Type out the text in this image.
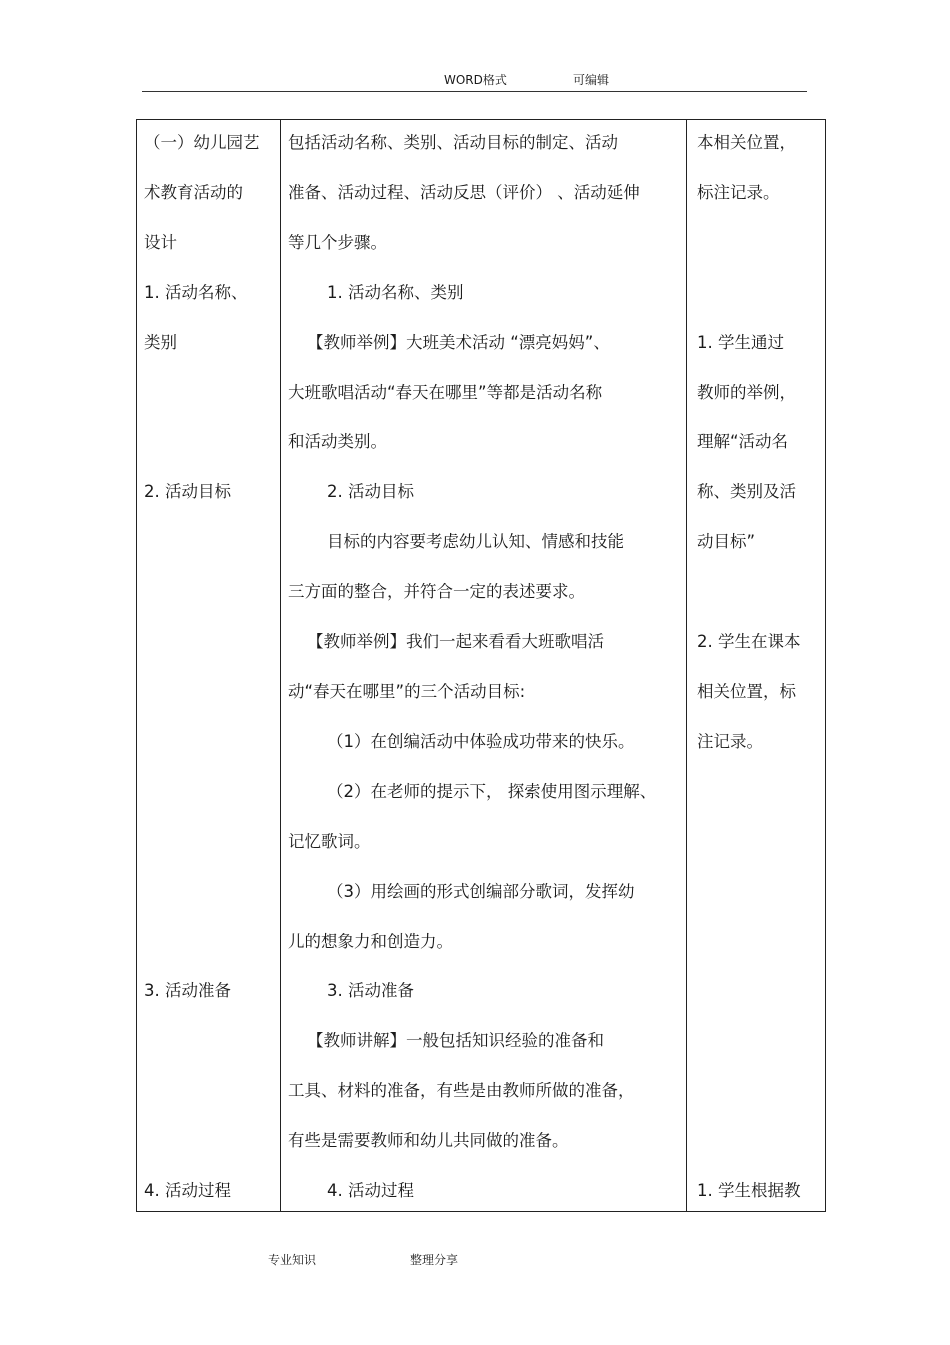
WORD格式	可编辑
（一）幼儿园艺
术教育活动的
设计
1. 活动名称、
类别
2. 活动目标
3. 活动准备
4. 活动过程
包括活动名称、类别、活动目标的制定、活动
准备、活动过程、活动反思（评价） 、活动延伸
等几个步骤。
1. 活动名称、类别
【教师举例】大班美术活动 “漂亮妈妈”、
大班歌唱活动“春天在哪里”等都是活动名称
和活动类别。
2. 活动目标
目标的内容要考虑幼儿认知、情感和技能
三方面的整合，并符合一定的表述要求。
【教师举例】我们一起来看看大班歌唱活
动“春天在哪里”的三个活动目标:
（1）在创编活动中体验成功带来的快乐。
（2）在老师的提示下， 探索使用图示理解、
记忆歌词。
（3）用绘画的形式创编部分歌词，发挥幼
儿的想象力和创造力。
3. 活动准备
【教师讲解】一般包括知识经验的准备和
工具、材料的准备，有些是由教师所做的准备，
有些是需要教师和幼儿共同做的准备。
4. 活动过程
本相关位置，
标注记录。
1. 学生通过
教师的举例，
理解“活动名
称、类别及活
动目标”
2. 学生在课本
相关位置，标
注记录。
1. 学生根据教
专业知识	整理分享
